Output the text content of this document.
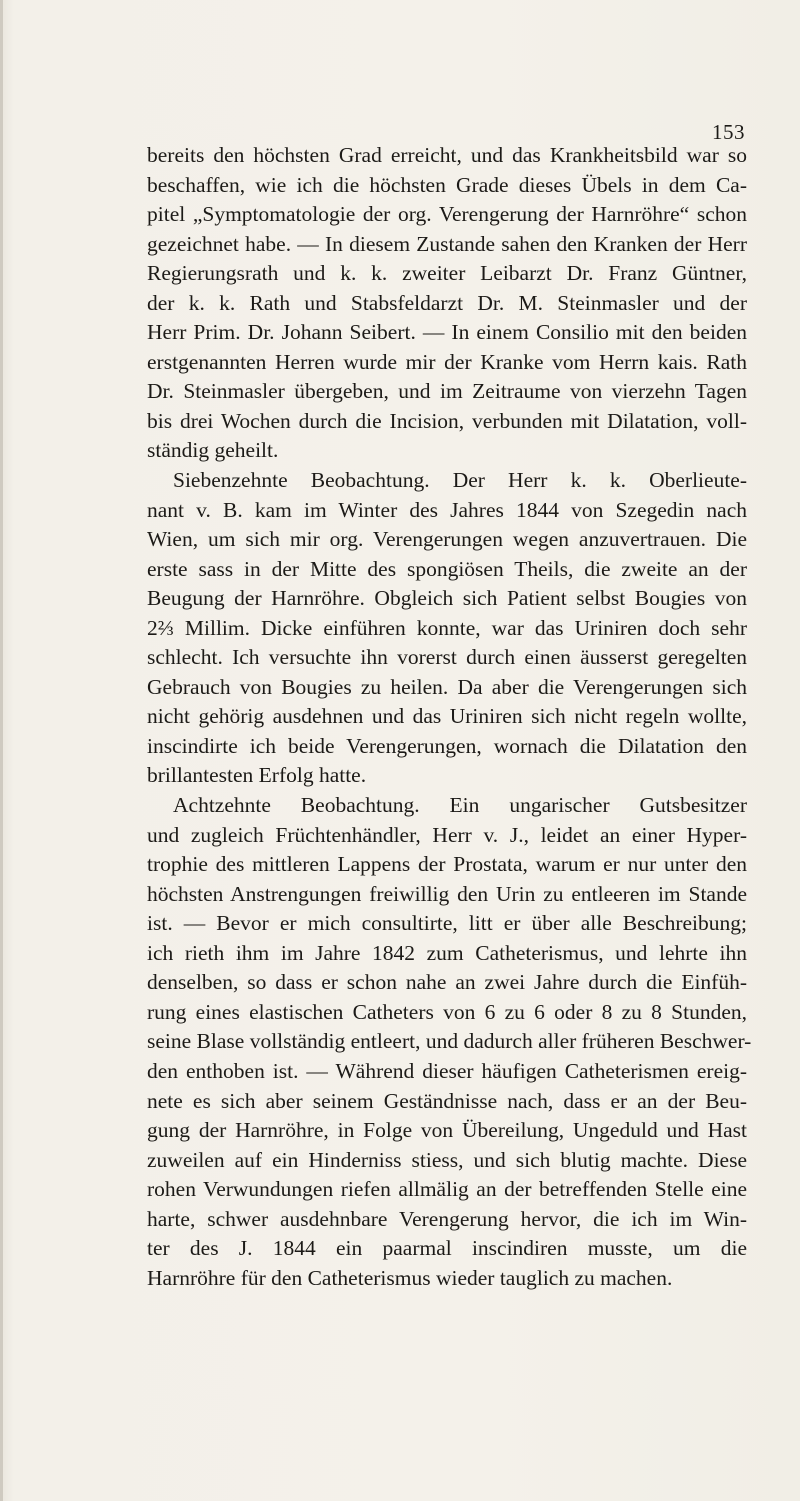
153
bereits den höchsten Grad erreicht, und das Krankheitsbild war so
beschaffen, wie ich die höchsten Grade dieses Übels in dem Ca-
pitel „Symptomatologie der org. Verengerung der Harnröhre“ schon
gezeichnet habe. — In diesem Zustande sahen den Kranken der Herr
Regierungsrath und k. k. zweiter Leibarzt Dr. Franz Güntner,
der k. k. Rath und Stabsfeldarzt Dr. M. Steinmasler und der
Herr Prim. Dr. Johann Seibert. — In einem Consilio mit den beiden
erstgenannten Herren wurde mir der Kranke vom Herrn kais. Rath
Dr. Steinmasler übergeben, und im Zeitraume von vierzehn Tagen
bis drei Wochen durch die Incision, verbunden mit Dilatation, voll-
ständig geheilt.
Siebenzehnte Beobachtung. Der Herr k. k. Oberlieute-
nant v. B. kam im Winter des Jahres 1844 von Szegedin nach
Wien, um sich mir org. Verengerungen wegen anzuvertrauen. Die
erste sass in der Mitte des spongiösen Theils, die zweite an der
Beugung der Harnröhre. Obgleich sich Patient selbst Bougies von
2⅔ Millim. Dicke einführen konnte, war das Uriniren doch sehr
schlecht. Ich versuchte ihn vorerst durch einen äusserst geregelten
Gebrauch von Bougies zu heilen. Da aber die Verengerungen sich
nicht gehörig ausdehnen und das Uriniren sich nicht regeln wollte,
inscindirte ich beide Verengerungen, wornach die Dilatation den
brillantesten Erfolg hatte.
Achtzehnte Beobachtung. Ein ungarischer Gutsbesitzer
und zugleich Früchtenhändler, Herr v. J., leidet an einer Hyper-
trophie des mittleren Lappens der Prostata, warum er nur unter den
höchsten Anstrengungen freiwillig den Urin zu entleeren im Stande
ist. — Bevor er mich consultirte, litt er über alle Beschreibung;
ich rieth ihm im Jahre 1842 zum Catheterismus, und lehrte ihn
denselben, so dass er schon nahe an zwei Jahre durch die Einfüh-
rung eines elastischen Catheters von 6 zu 6 oder 8 zu 8 Stunden,
seine Blase vollständig entleert, und dadurch aller früheren Beschwer-
den enthoben ist. — Während dieser häufigen Catheterismen ereig-
nete es sich aber seinem Geständnisse nach, dass er an der Beu-
gung der Harnröhre, in Folge von Übereilung, Ungeduld und Hast
zuweilen auf ein Hinderniss stiess, und sich blutig machte. Diese
rohen Verwundungen riefen allmälig an der betreffenden Stelle eine
harte, schwer ausdehnbare Verengerung hervor, die ich im Win-
ter des J. 1844 ein paarmal inscindiren musste, um die
Harnröhre für den Catheterismus wieder tauglich zu machen.
